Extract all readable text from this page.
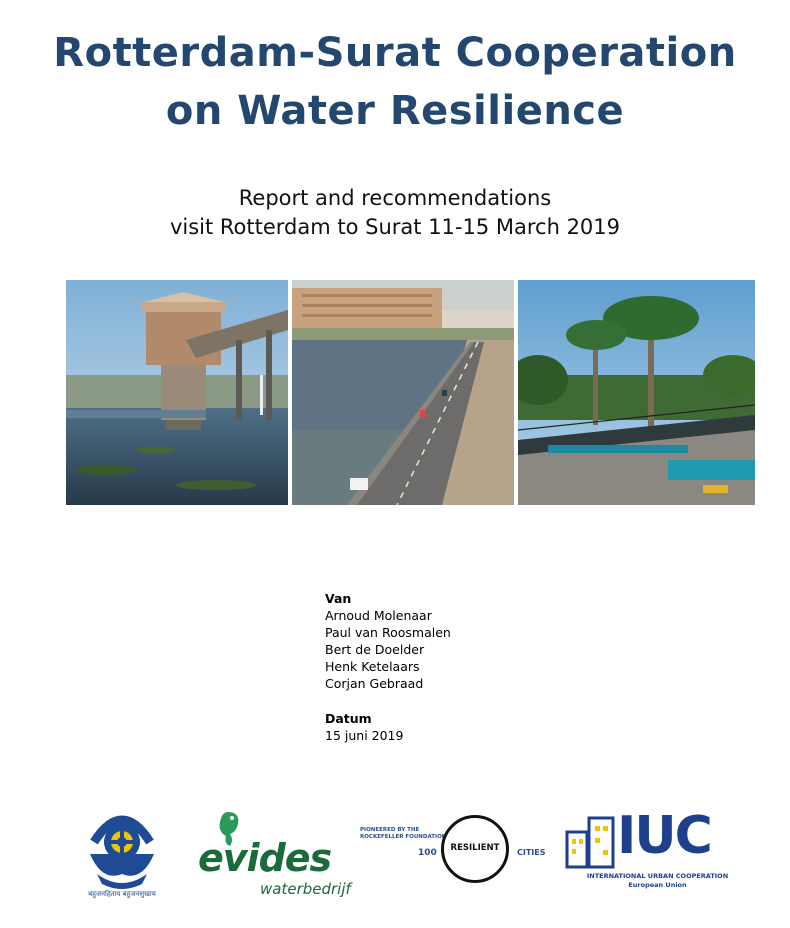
Rotterdam-Surat Cooperation
on Water Resilience
Report and recommendations
visit Rotterdam to Surat 11-15 March 2019
Van
Arnoud Molenaar
Paul van Roosmalen
Bert de Doelder
Henk Ketelaars
Corjan Gebraad
Datum
15 juni 2019
बहुजनहिताय बहुजनसुखाय
evides
waterbedrijf
PIONEERED BY THE
ROCKEFELLER FOUNDATION
100	RESILIENT	CITIES IUC
INTERNATIONAL URBAN COOPERATION
European Union
